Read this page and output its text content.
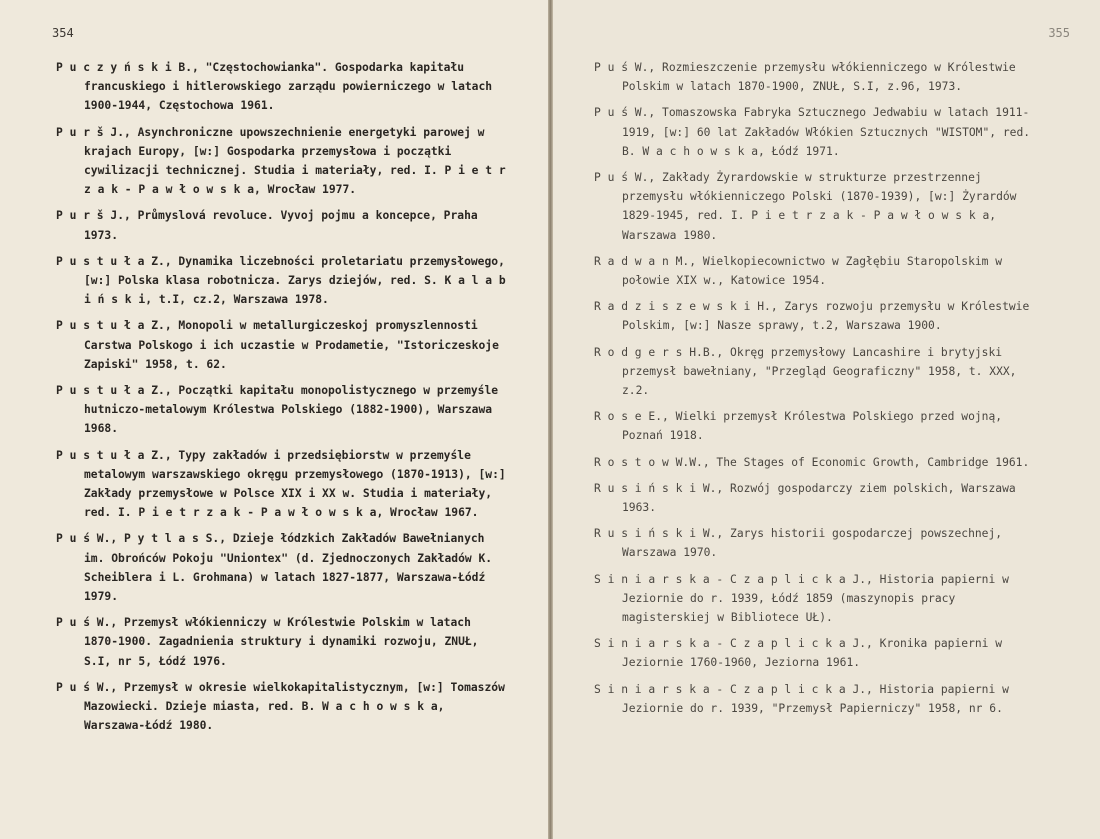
354	355
P u c z y ń s k i B., "Częstochowianka". Gospodarka kapitału francuskiego i hitlerowskiego zarządu powierniczego w latach 1900-1944, Częstochowa 1961.
P u r š J., Asynchroniczne upowszechnienie energetyki parowej w krajach Europy, [w:] Gospodarka przemysłowa i początki cywilizacji technicznej. Studia i materiały, red. I. P i e t r z a k - P a w ł o w s k a, Wrocław 1977.
P u r š J., Průmyslová revoluce. Vyvoj pojmu a koncepce, Praha 1973.
P u s t u ł a Z., Dynamika liczebności proletariatu przemysłowego, [w:] Polska klasa robotnicza. Zarys dziejów, red. S. K a l a b i ń s k i, t.I, cz.2, Warszawa 1978.
P u s t u ł a Z., Monopoli w metallurgiczeskoj promyszlennosti Carstwa Polskogo i ich uczastie w Prodametie, "Istoriczeskoje Zapiski" 1958, t. 62.
P u s t u ł a Z., Początki kapitału monopolistycznego w przemyśle hutniczo-metalowym Królestwa Polskiego (1882-1900), Warszawa 1968.
P u s t u ł a Z., Typy zakładów i przedsiębiorstw w przemyśle metalowym warszawskiego okręgu przemysłowego (1870-1913), [w:] Zakłady przemysłowe w Polsce XIX i XX w. Studia i materiały, red. I. P i e t r z a k - P a w ł o w s k a, Wrocław 1967.
P u ś W., P y t l a s S., Dzieje łódzkich Zakładów Bawełnianych im. Obrońców Pokoju "Uniontex" (d. Zjednoczonych Zakładów K. Scheiblera i L. Grohmana) w latach 1827-1877, Warszawa-Łódź 1979.
P u ś W., Przemysł włókienniczy w Królestwie Polskim w latach 1870-1900. Zagadnienia struktury i dynamiki rozwoju, ZNUŁ, S.I, nr 5, Łódź 1976.
P u ś W., Przemysł w okresie wielkokapitalistycznym, [w:] Tomaszów Mazowiecki. Dzieje miasta, red. B. W a c h o w s k a, Warszawa-Łódź 1980.
P u ś W., Rozmieszczenie przemysłu włókienniczego w Królestwie Polskim w latach 1870-1900, ZNUŁ, S.I, z.96, 1973.
P u ś W., Tomaszowska Fabryka Sztucznego Jedwabiu w latach 1911-1919, [w:] 60 lat Zakładów Włókien Sztucznych "WISTOM", red. B. W a c h o w s k a, Łódź 1971.
P u ś W., Zakłady Żyrardowskie w strukturze przestrzennej przemysłu włókienniczego Polski (1870-1939), [w:] Żyrardów 1829-1945, red. I. P i e t r z a k - P a w ł o w s k a, Warszawa 1980.
R a d w a n M., Wielkopiecownictwo w Zagłębiu Staropolskim w połowie XIX w., Katowice 1954.
R a d z i s z e w s k i H., Zarys rozwoju przemysłu w Królestwie Polskim, [w:] Nasze sprawy, t.2, Warszawa 1900.
R o d g e r s H.B., Okręg przemysłowy Lancashire i brytyjski przemysł bawełniany, "Przegląd Geograficzny" 1958, t. XXX, z.2.
R o s e E., Wielki przemysł Królestwa Polskiego przed wojną, Poznań 1918.
R o s t o w W.W., The Stages of Economic Growth, Cambridge 1961.
R u s i ń s k i W., Rozwój gospodarczy ziem polskich, Warszawa 1963.
R u s i ń s k i W., Zarys historii gospodarczej powszechnej, Warszawa 1970.
S i n i a r s k a - C z a p l i c k a J., Historia papierni w Jeziornie do r. 1939, Łódź 1859 (maszynopis pracy magisterskiej w Bibliotece UŁ).
S i n i a r s k a - C z a p l i c k a J., Kronika papierni w Jeziornie 1760-1960, Jeziorna 1961.
S i n i a r s k a - C z a p l i c k a J., Historia papierni w Jeziornie do r. 1939, "Przemysł Papierniczy" 1958, nr 6.
